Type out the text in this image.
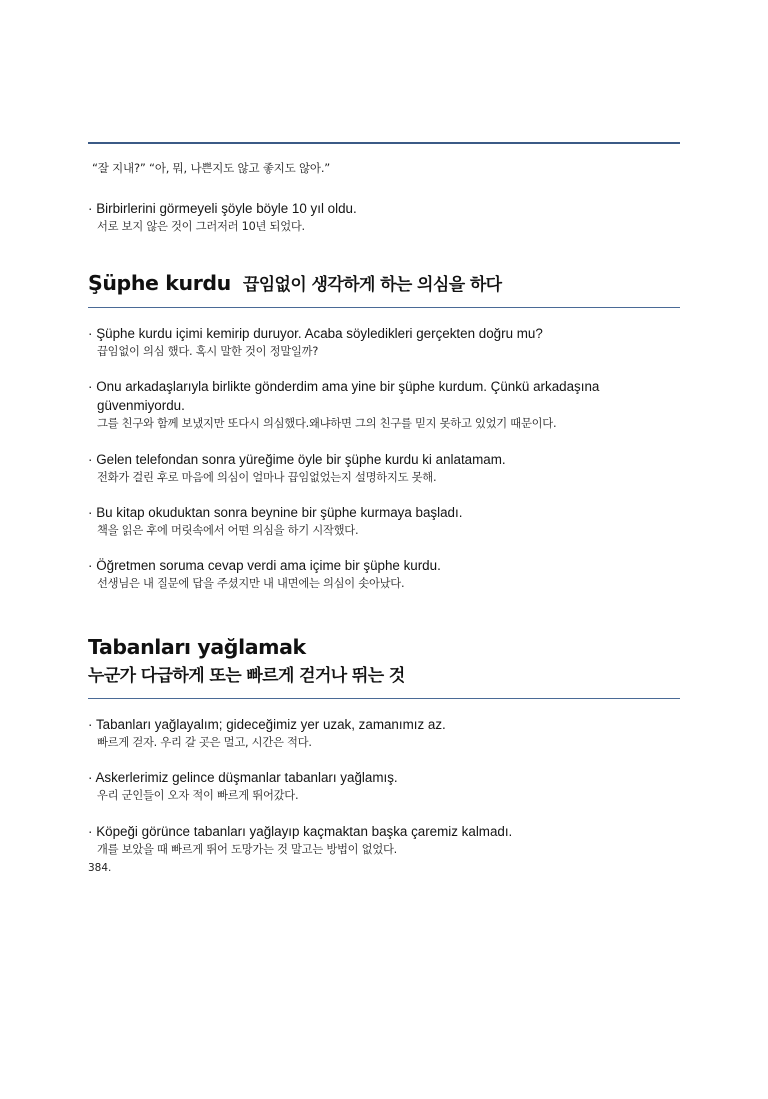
“잘 지내?” “아, 뭐, 나쁜지도 않고 좋지도 않아.”

· Birbirlerini görmeyeli şöyle böyle 10 yıl oldu.

서로 보지 않은 것이 그러저러 10년 되었다.

Şüphe kurdu 끕임없이 생각하게 하는 의심을 하다

· Şüphe kurdu içimi kemirip duruyor. Acaba söyledikleri gerçekten doğru mu?

끕임없이 의심 했다. 혹시 말한 것이 정말일까?

· Onu arkadaşlarıyla birlikte gönderdim ama yine bir şüphe kurdum. Çünkü arkadaşına güvenmiyordu.

그를 친구와 함께 보냈지만 또다시 의심했다.왜냐하면 그의 친구를 믿지 못하고 있었기 때문이다.

· Gelen telefondan sonra yüreğime öyle bir şüphe kurdu ki anlatamam.

전화가 걸린 후로 마음에 의심이 얼마나 끕임없었는지 설명하지도 못해.

· Bu kitap okuduktan sonra beynine bir şüphe kurmaya başladı.

책을 읽은 후에 머릿속에서 어떤 의심을 하기 시작했다.

· Öğretmen soruma cevap verdi ama içime bir şüphe kurdu.

선생님은 내 질문에 답을 주셨지만 내 내면에는 의심이 솟아났다.

Tabanları yağlamak
누군가 다급하게 또는 빠르게 걷거나 뛰는 것

· Tabanları yağlayalım; gideceğimiz yer uzak, zamanımız az.

빠르게 걷자. 우리 갈 곳은 멀고, 시간은 적다.

· Askerlerimiz gelince düşmanlar tabanları yağlamış.

우리 군인들이 오자 적이 빠르게 뛰어갔다.

· Köpeği görünce tabanları yağlayıp kaçmaktan başka çaremiz kalmadı.

개를 보았을 때 빠르게 뛰어 도망가는 것 말고는 방법이 없었다.

384.
